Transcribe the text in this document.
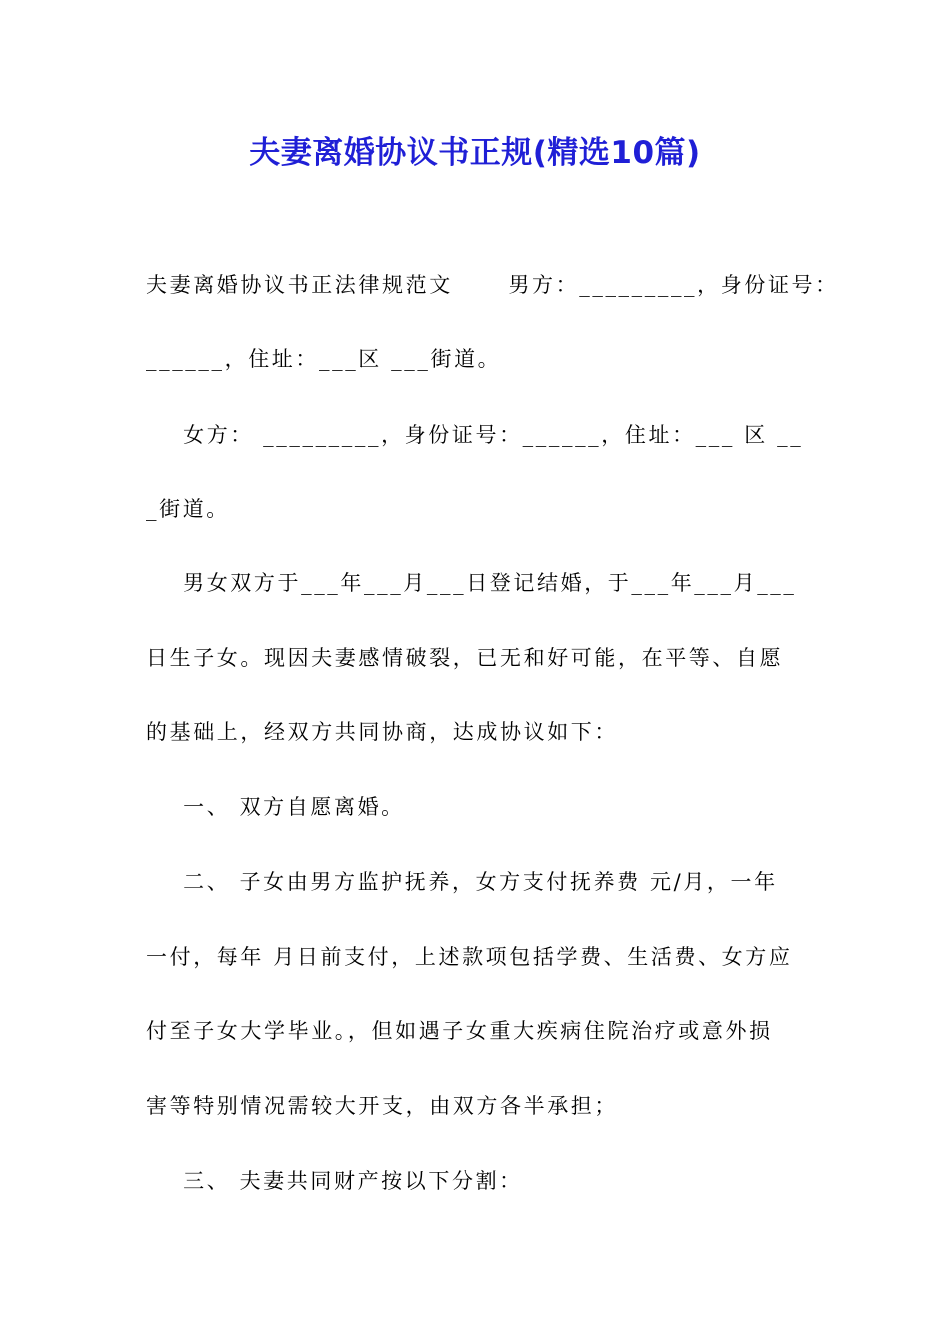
夫妻离婚协议书正规(精选10篇)
夫妻离婚协议书正法律规范文      男方：_________，身份证号：
______，住址：___区 ___街道。
女方： _________，身份证号：______，住址：___ 区 __
_街道。
男女双方于___年___月___日登记结婚，于___年___月___
日生子女。现因夫妻感情破裂，已无和好可能，在平等、自愿
的基础上，经双方共同协商，达成协议如下：
一、 双方自愿离婚。
二、 子女由男方监护抚养，女方支付抚养费 元/月，一年
一付，每年 月日前支付，上述款项包括学费、生活费、女方应
付至子女大学毕业。，但如遇子女重大疾病住院治疗或意外损
害等特别情况需较大开支，由双方各半承担；
三、 夫妻共同财产按以下分割：
